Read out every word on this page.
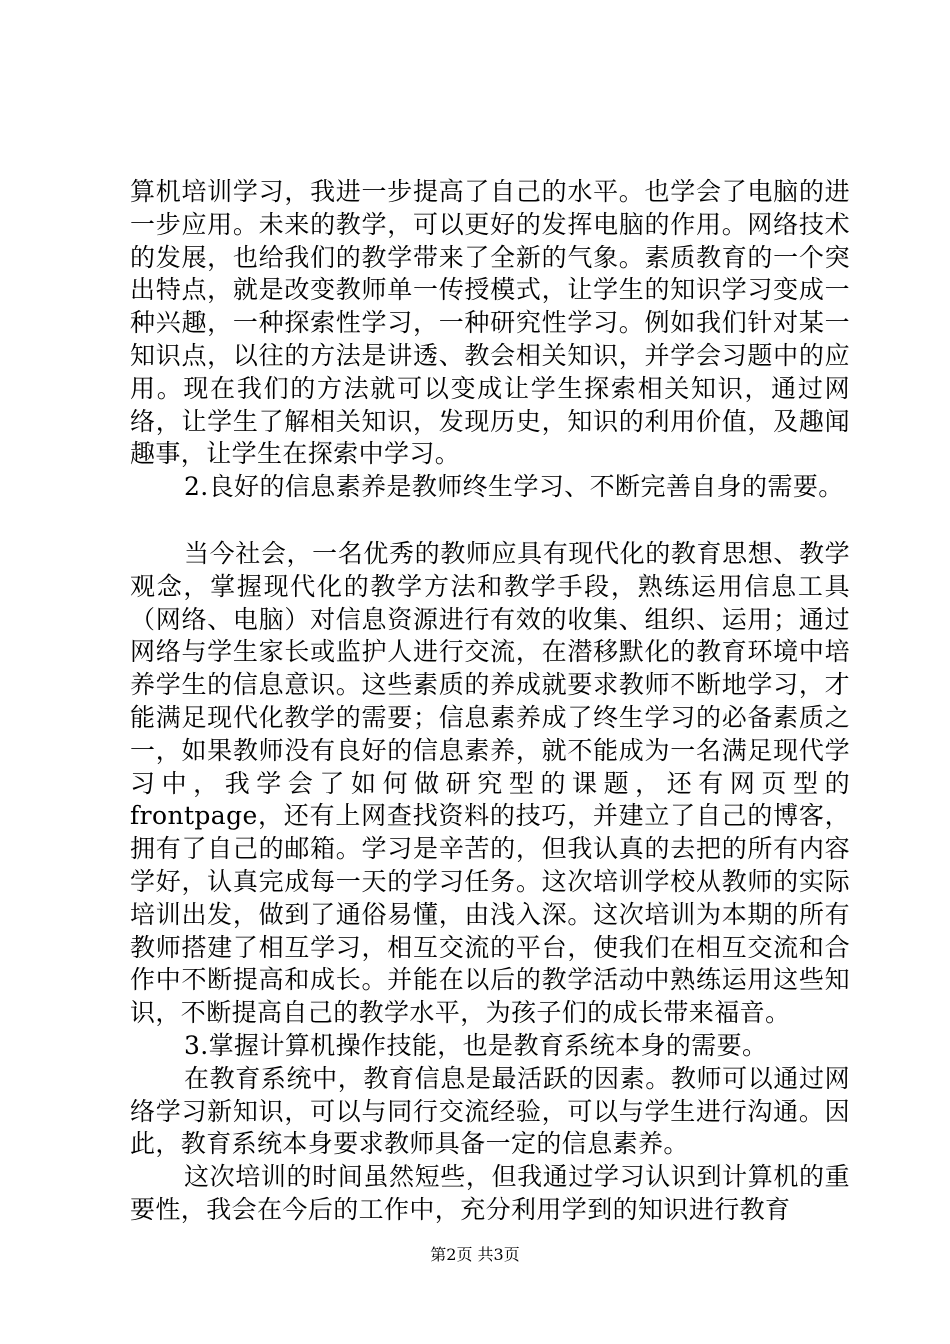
算机培训学习，我进一步提高了自己的水平。也学会了电脑的进一步应用。未来的教学，可以更好的发挥电脑的作用。网络技术的发展，也给我们的教学带来了全新的气象。素质教育的一个突出特点，就是改变教师单一传授模式，让学生的知识学习变成一种兴趣，一种探索性学习，一种研究性学习。例如我们针对某一知识点，以往的方法是讲透、教会相关知识，并学会习题中的应用。现在我们的方法就可以变成让学生探索相关知识，通过网络，让学生了解相关知识，发现历史，知识的利用价值，及趣闻趣事，让学生在探索中学习。

2.良好的信息素养是教师终生学习、不断完善自身的需要。

当今社会，一名优秀的教师应具有现代化的教育思想、教学观念，掌握现代化的教学方法和教学手段，熟练运用信息工具（网络、电脑）对信息资源进行有效的收集、组织、运用；通过网络与学生家长或监护人进行交流，在潜移默化的教育环境中培养学生的信息意识。这些素质的养成就要求教师不断地学习，才能满足现代化教学的需要；信息素养成了终生学习的必备素质之一，如果教师没有良好的信息素养，就不能成为一名满足现代学习中，我学会了如何做研究型的课题，还有网页型的frontpage，还有上网查找资料的技巧，并建立了自己的博客，拥有了自己的邮箱。学习是辛苦的，但我认真的去把的所有内容学好，认真完成每一天的学习任务。这次培训学校从教师的实际培训出发，做到了通俗易懂，由浅入深。这次培训为本期的所有教师搭建了相互学习，相互交流的平台，使我们在相互交流和合作中不断提高和成长。并能在以后的教学活动中熟练运用这些知识，不断提高自己的教学水平，为孩子们的成长带来福音。

3.掌握计算机操作技能，也是教育系统本身的需要。

在教育系统中，教育信息是最活跃的因素。教师可以通过网络学习新知识，可以与同行交流经验，可以与学生进行沟通。因此，教育系统本身要求教师具备一定的信息素养。

这次培训的时间虽然短些，但我通过学习认识到计算机的重要性，我会在今后的工作中，充分利用学到的知识进行教育

第2页 共3页
